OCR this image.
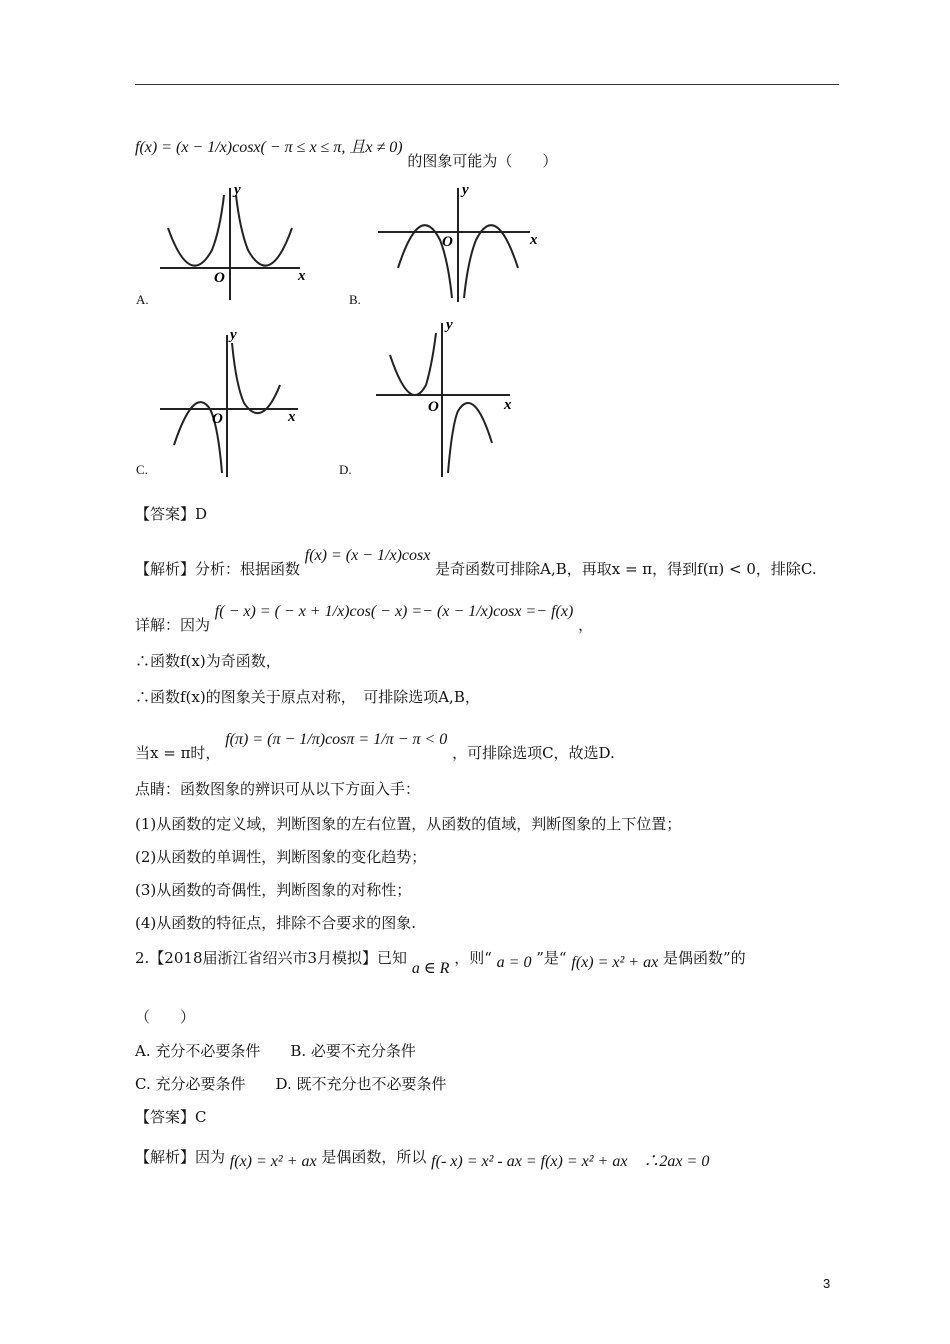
f(x) = (x − 1/x)cosx( − π ≤ x ≤ π, 且x ≠ 0) 的图象可能为（　　）
x
y
O
A.
x
y
O
B.
x
y
O
C.
x
y
O
D.
【答案】D
【解析】分析：根据函数 f(x) = (x − 1/x)cosx 是奇函数可排除A,B，再取x = π，得到f(π) < 0，排除C.
详解：因为 f( − x) = ( − x + 1/x)cos( − x) =− (x − 1/x)cosx =− f(x) ，
∴函数f(x)为奇函数，
∴函数f(x)的图象关于原点对称，　可排除选项A,B，
当x = π时， f(π) = (π − 1/π)cosπ = 1/π − π < 0 ，可排除选项C，故选D.
点睛：函数图象的辨识可从以下方面入手：
(1)从函数的定义域，判断图象的左右位置，从函数的值域，判断图象的上下位置；
(2)从函数的单调性，判断图象的变化趋势；
(3)从函数的奇偶性，判断图象的对称性；
(4)从函数的特征点，排除不合要求的图象.
2.【2018届浙江省绍兴市3月模拟】已知 a ∈ R ，则“ a = 0 ”是“ f(x) = x² + ax 是偶函数”的
（　　）
A. 充分不必要条件　　B. 必要不充分条件
C. 充分必要条件　　D. 既不充分也不必要条件
【答案】C
【解析】因为 f(x) = x² + ax 是偶函数，所以 f(- x) = x² - ax = f(x) = x² + ax　∴2ax = 0
3
